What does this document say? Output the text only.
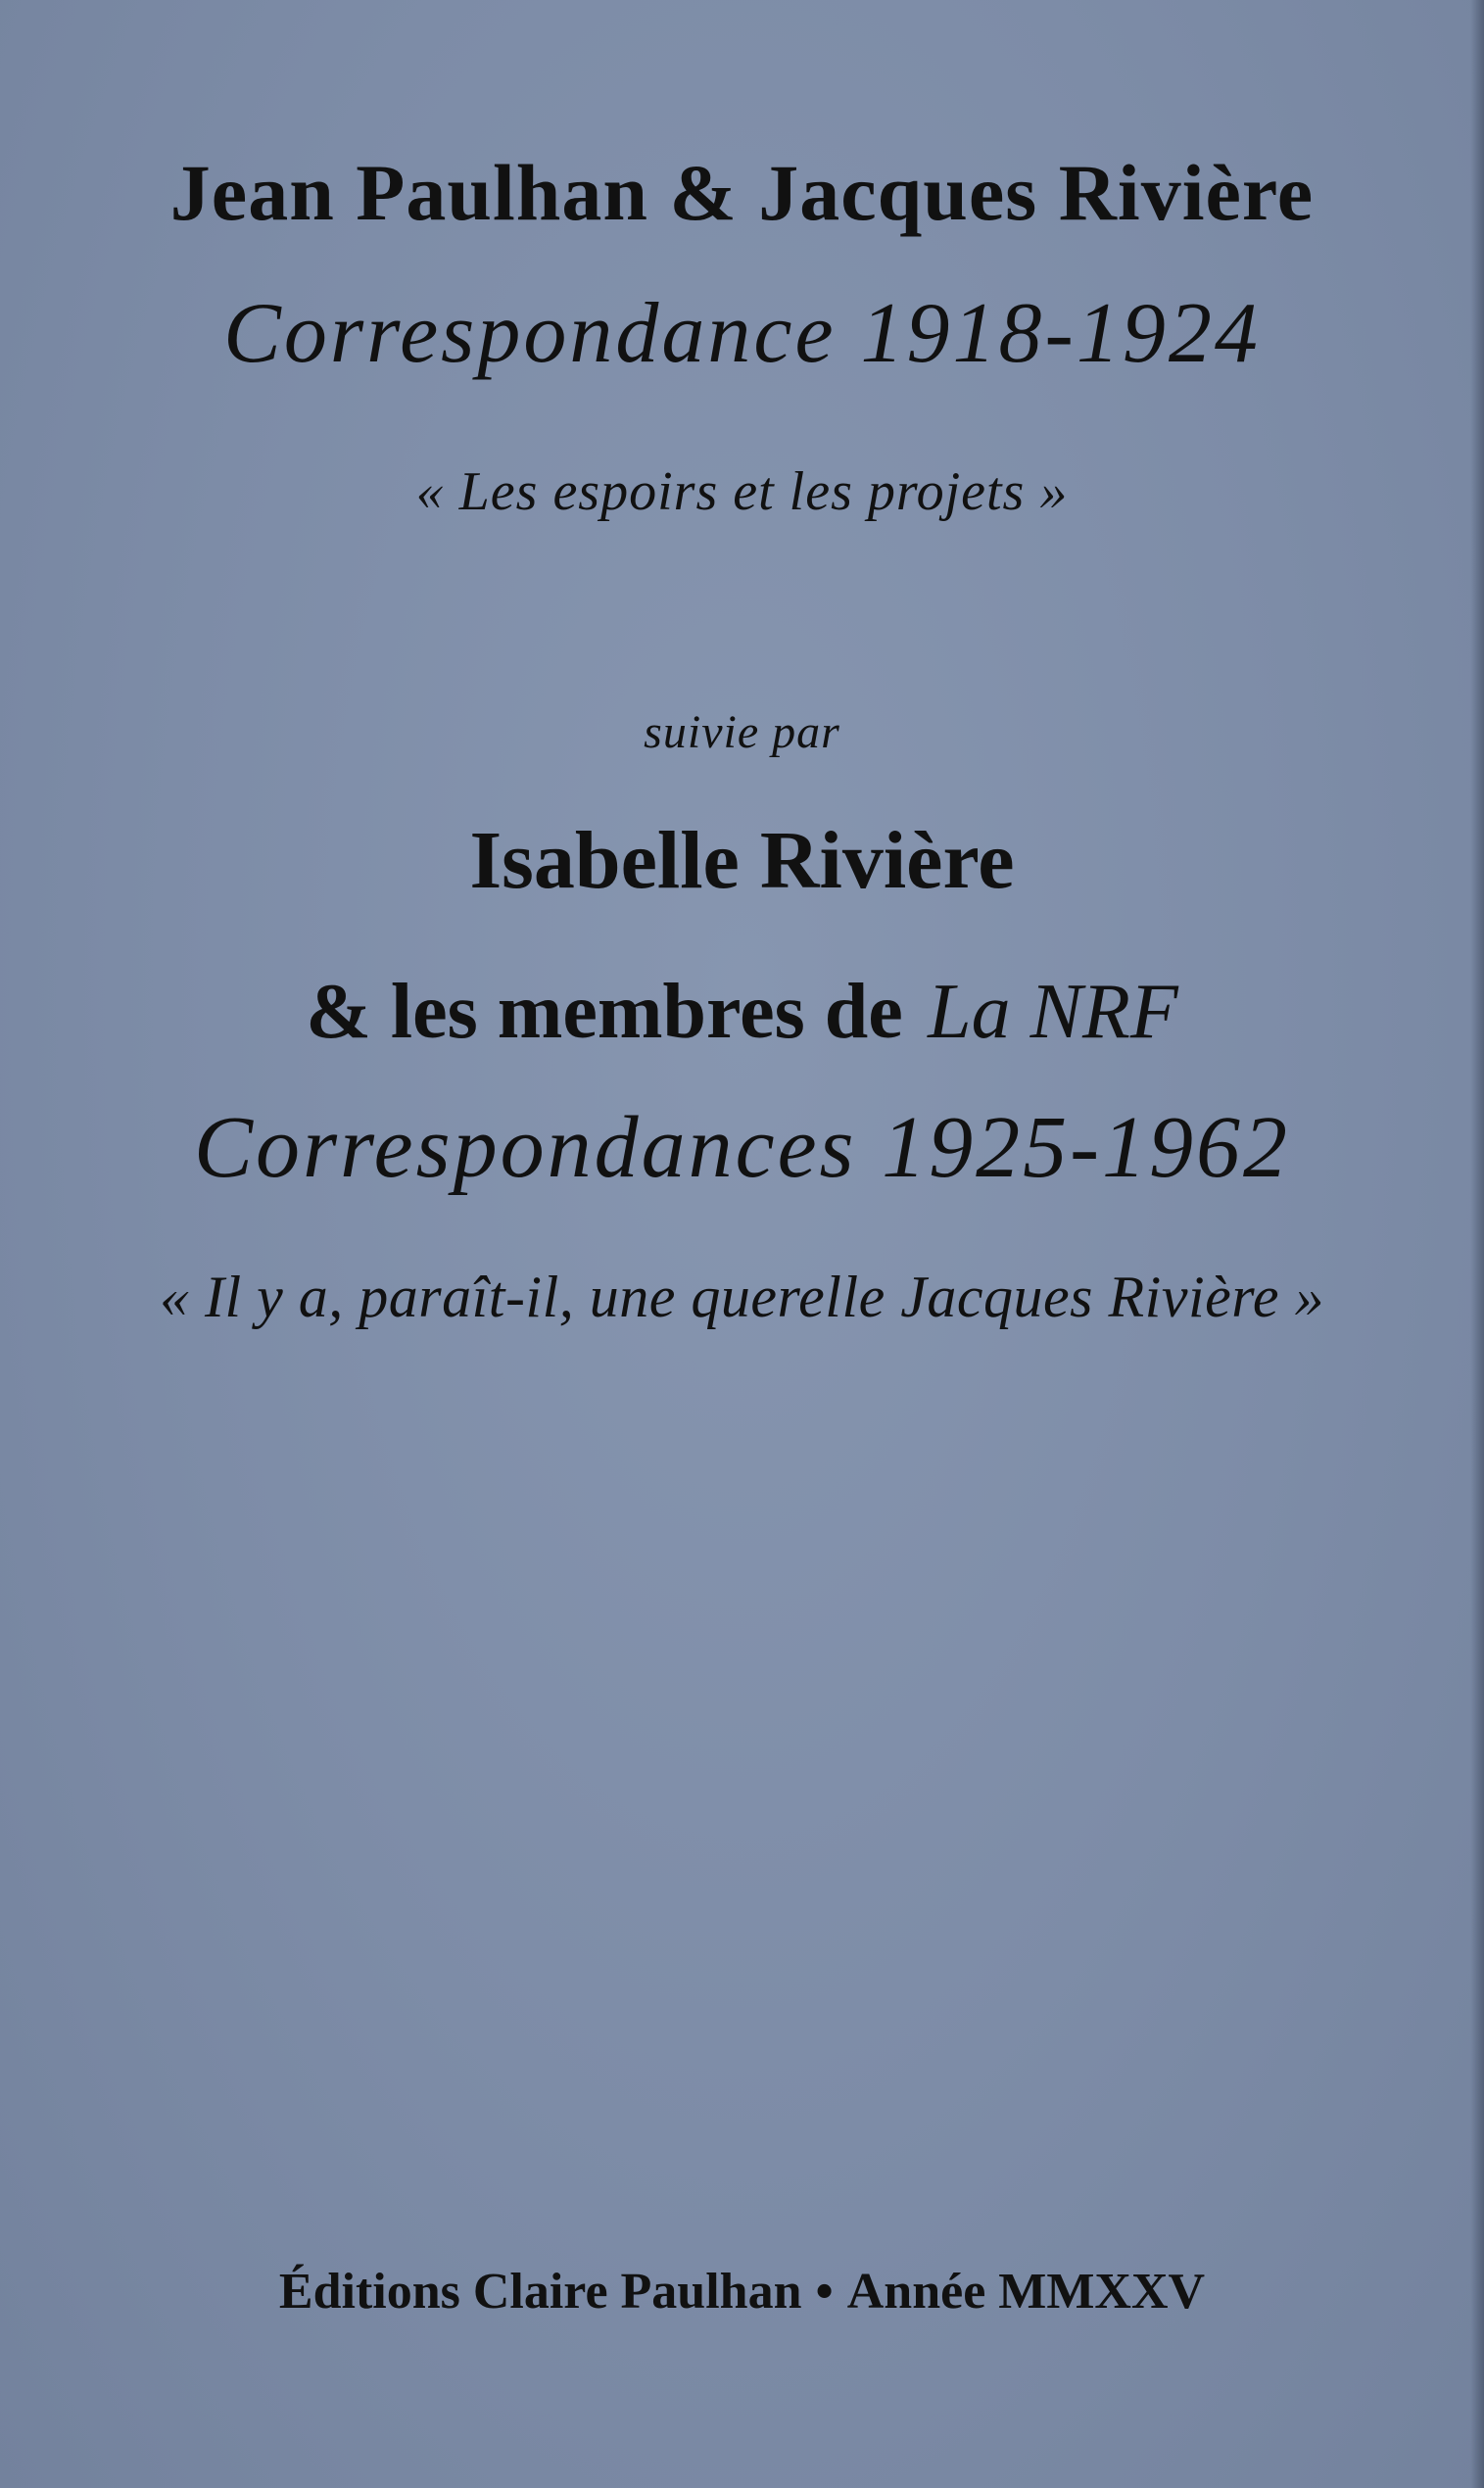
Jean Paulhan & Jacques Rivière
Correspondance 1918-1924
« Les espoirs et les projets »
suivie par
Isabelle Rivière
& les membres de La NRF
Correspondances 1925-1962
« Il y a, paraît-il, une querelle Jacques Rivière »
Éditions Claire Paulhan • Année MMXXV
